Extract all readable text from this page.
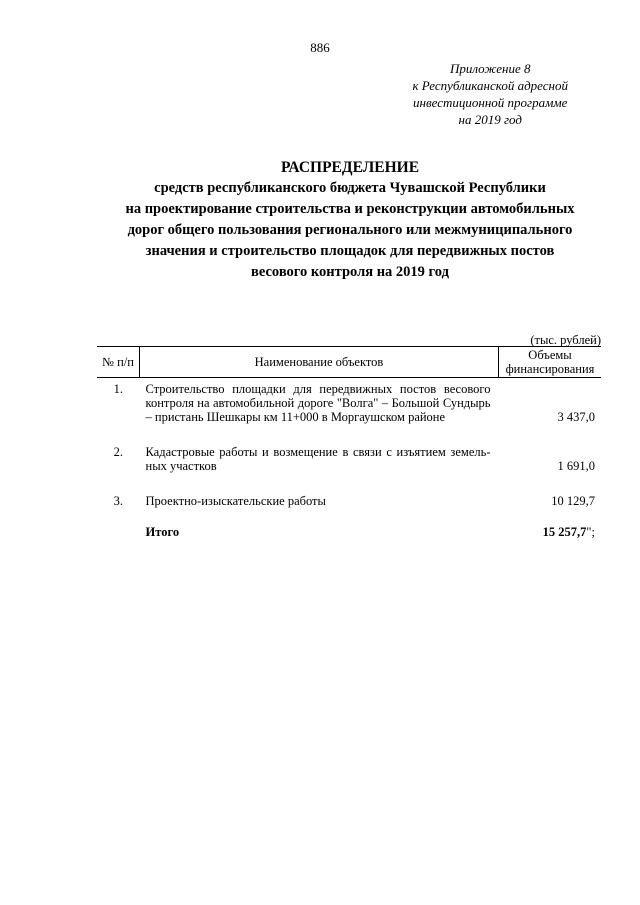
886
Приложение 8
к Республиканской адресной
инвестиционной программе
на 2019 год
РАСПРЕДЕЛЕНИЕ
средств республиканского бюджета Чувашской Республики
на проектирование строительства и реконструкции автомобильных
дорог общего пользования регионального или межмуниципального
значения и строительство площадок для передвижных постов
весового контроля на 2019 год
(тыс. рублей)
№ п/п	Наименование объектов	Объемы финансирования
1.	Строительство площадки для передвижных постов весового контроля на автомобильной дороге "Волга" – Большой Сундырь – пристань Шешкары км 11+000 в Моргаушском районе	3 437,0
2.	Кадастровые работы и возмещение в связи с изъятием земельных участков	1 691,0
3.	Проектно-изыскательские работы	10 129,7
	Итого	15 257,7";
